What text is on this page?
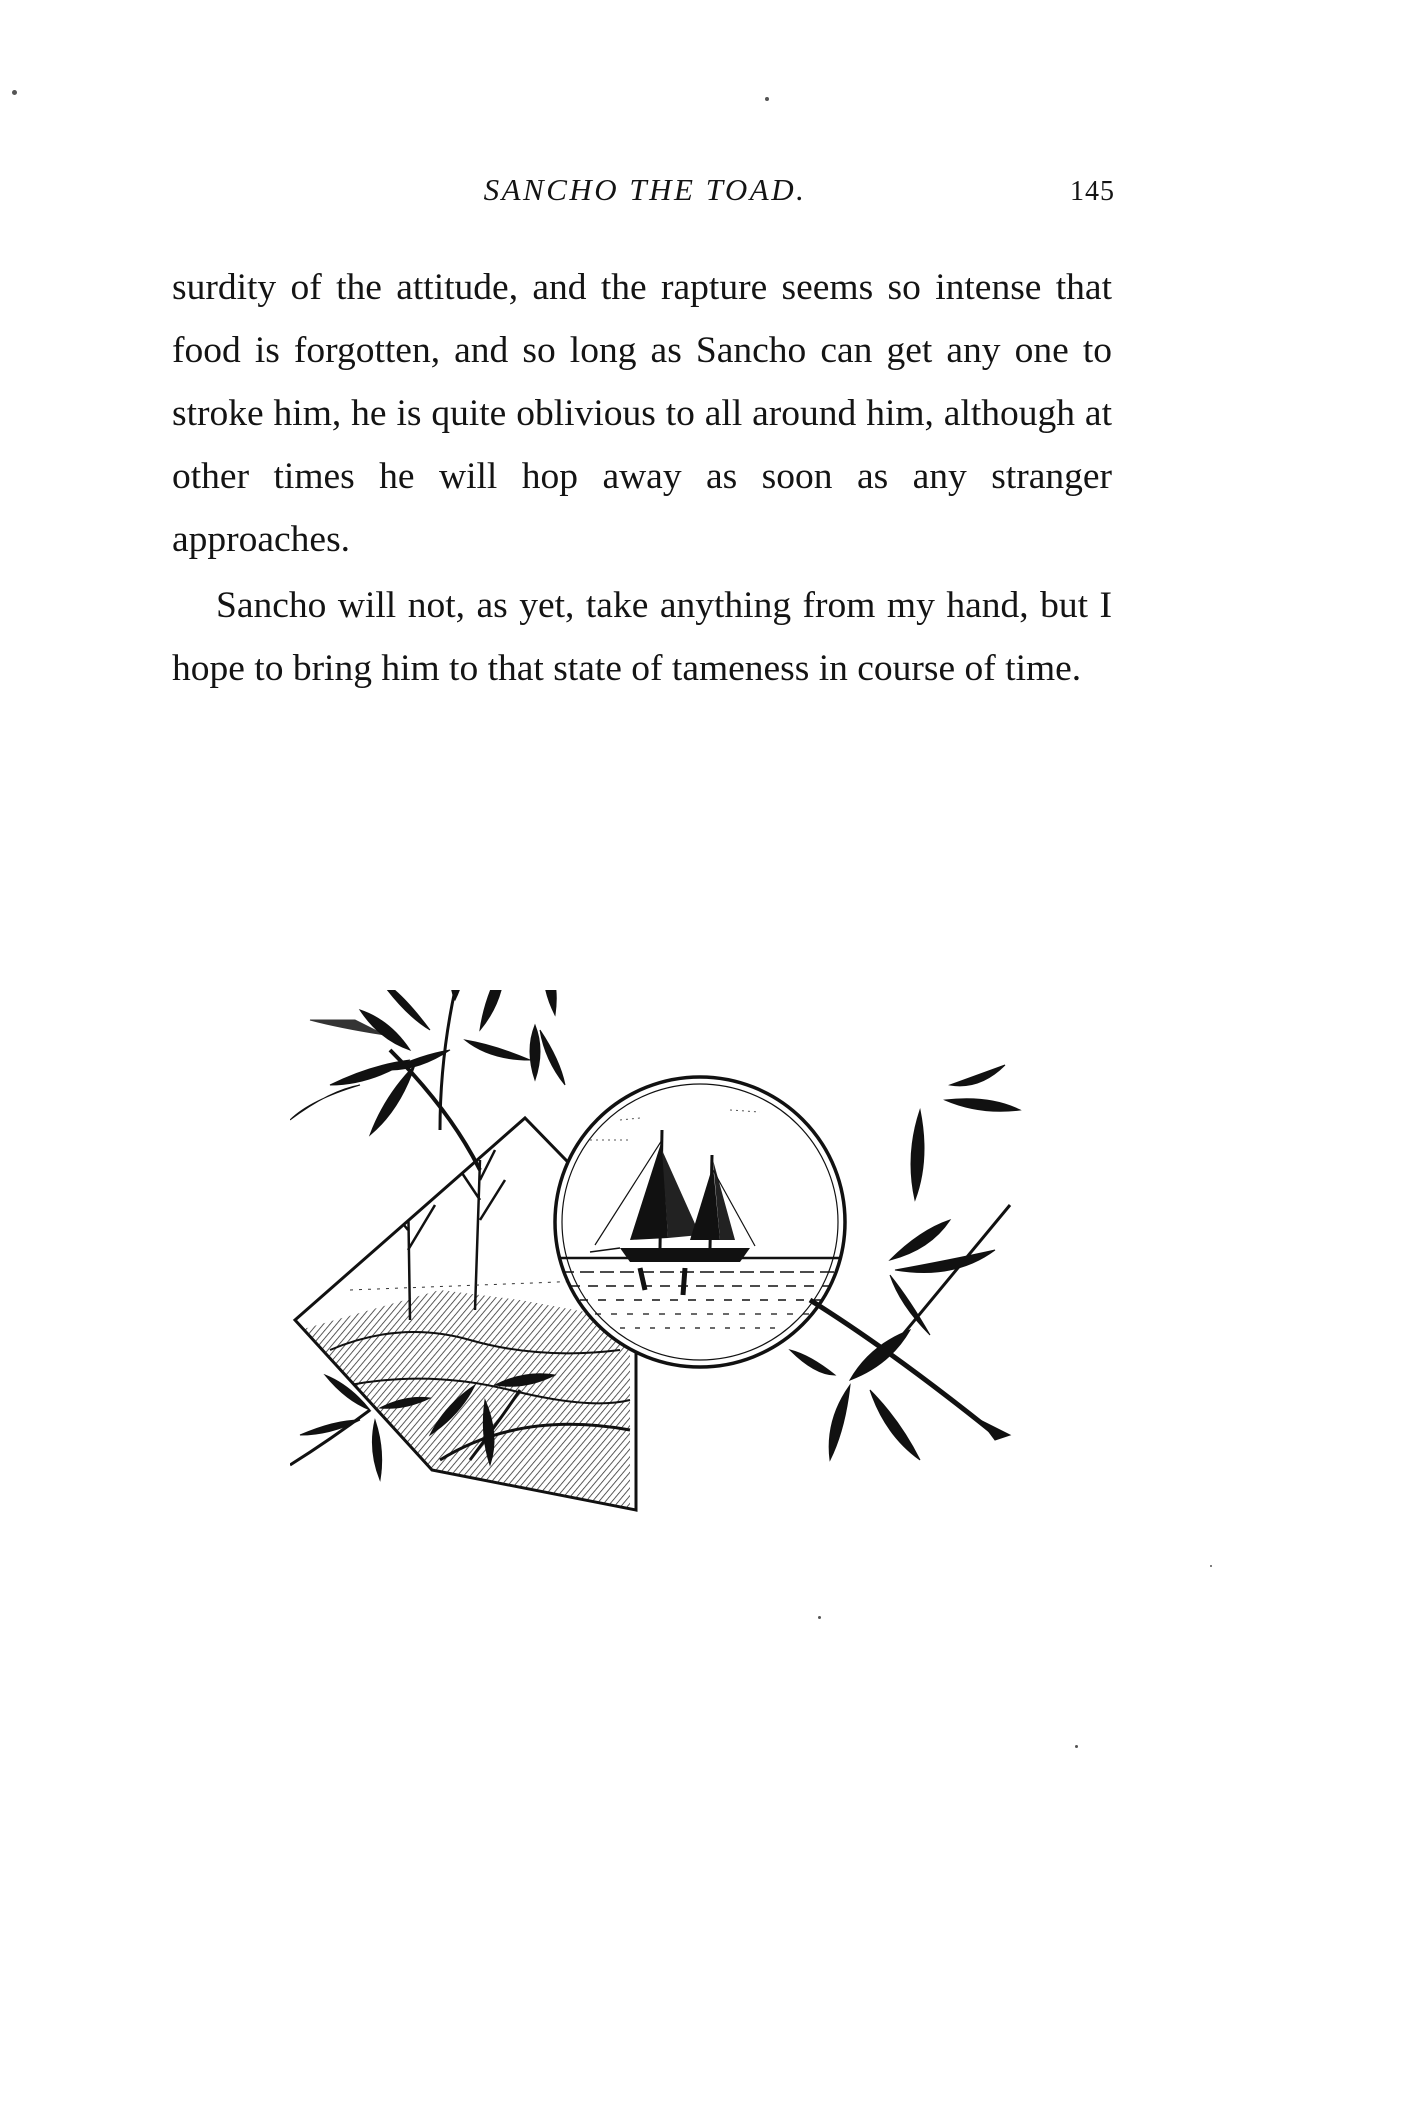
SANCHO THE TOAD.	145

surdity of the attitude, and the rapture seems so intense that food is forgotten, and so long as Sancho can get any one to stroke him, he is quite oblivious to all around him, although at other times he will hop away as soon as any stranger approaches.

Sancho will not, as yet, take anything from my hand, but I hope to bring him to that state of tameness in course of time.
